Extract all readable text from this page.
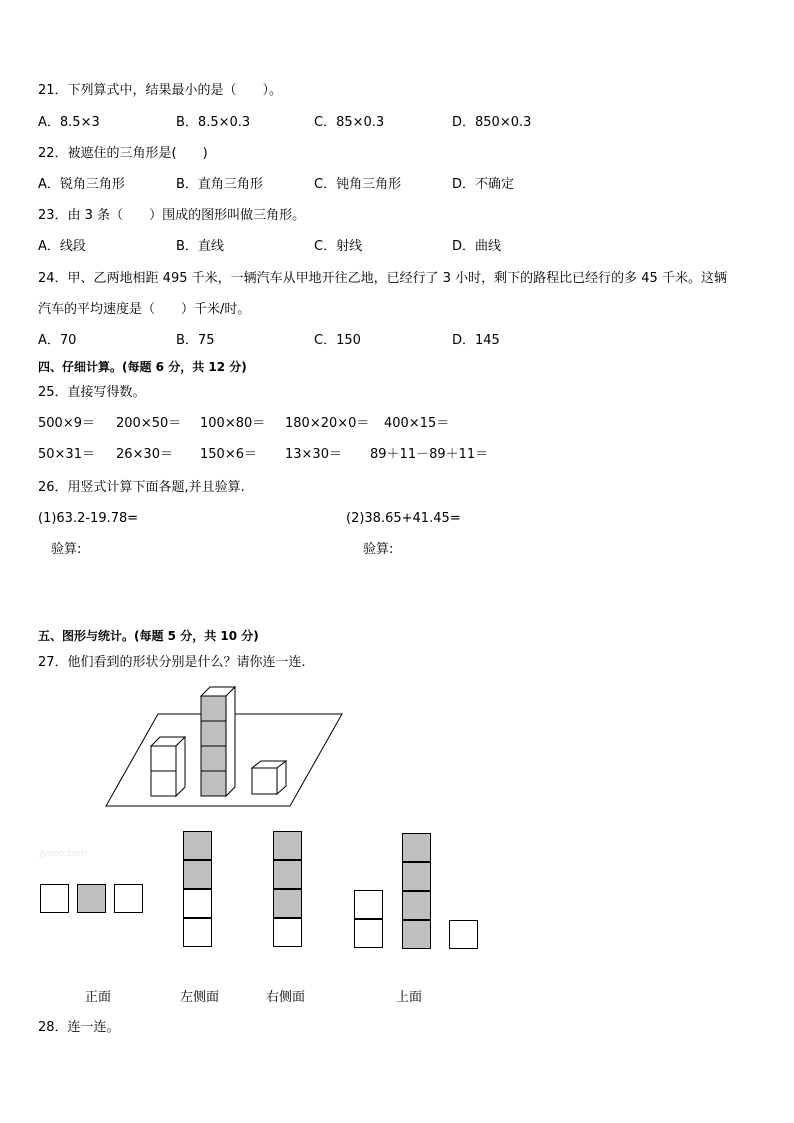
21．下列算式中，结果最小的是（　　）。
A．8.5×3	B．8.5×0.3	C．85×0.3	D．850×0.3
22．被遮住的三角形是(　　)
A．锐角三角形	B．直角三角形	C．钝角三角形	D．不确定
23．由 3 条（　　）围成的图形叫做三角形。
A．线段	B．直线	C．射线	D．曲线
24．甲、乙两地相距 495 千米，一辆汽车从甲地开往乙地，已经行了 3 小时，剩下的路程比已经行的多 45 千米。这辆
汽车的平均速度是（　　）千米/时。
A．70	B．75	C．150	D．145
四、仔细计算。(每题 6 分，共 12 分)
25．直接写得数。
500×9＝ 200×50＝ 100×80＝ 180×20×0＝ 400×15＝
50×31＝ 26×30＝ 150×6＝ 13×30＝ 89＋11－89＋11＝
26．用竖式计算下面各题,并且验算.
(1)63.2-19.78=	(2)38.65+41.45=
验算:	验算:
五、图形与统计。(每题 5 分，共 10 分)
27．他们看到的形状分别是什么？请你连一连.
Jyeoo.com
正面	左侧面	右侧面	上面
28．连一连。
